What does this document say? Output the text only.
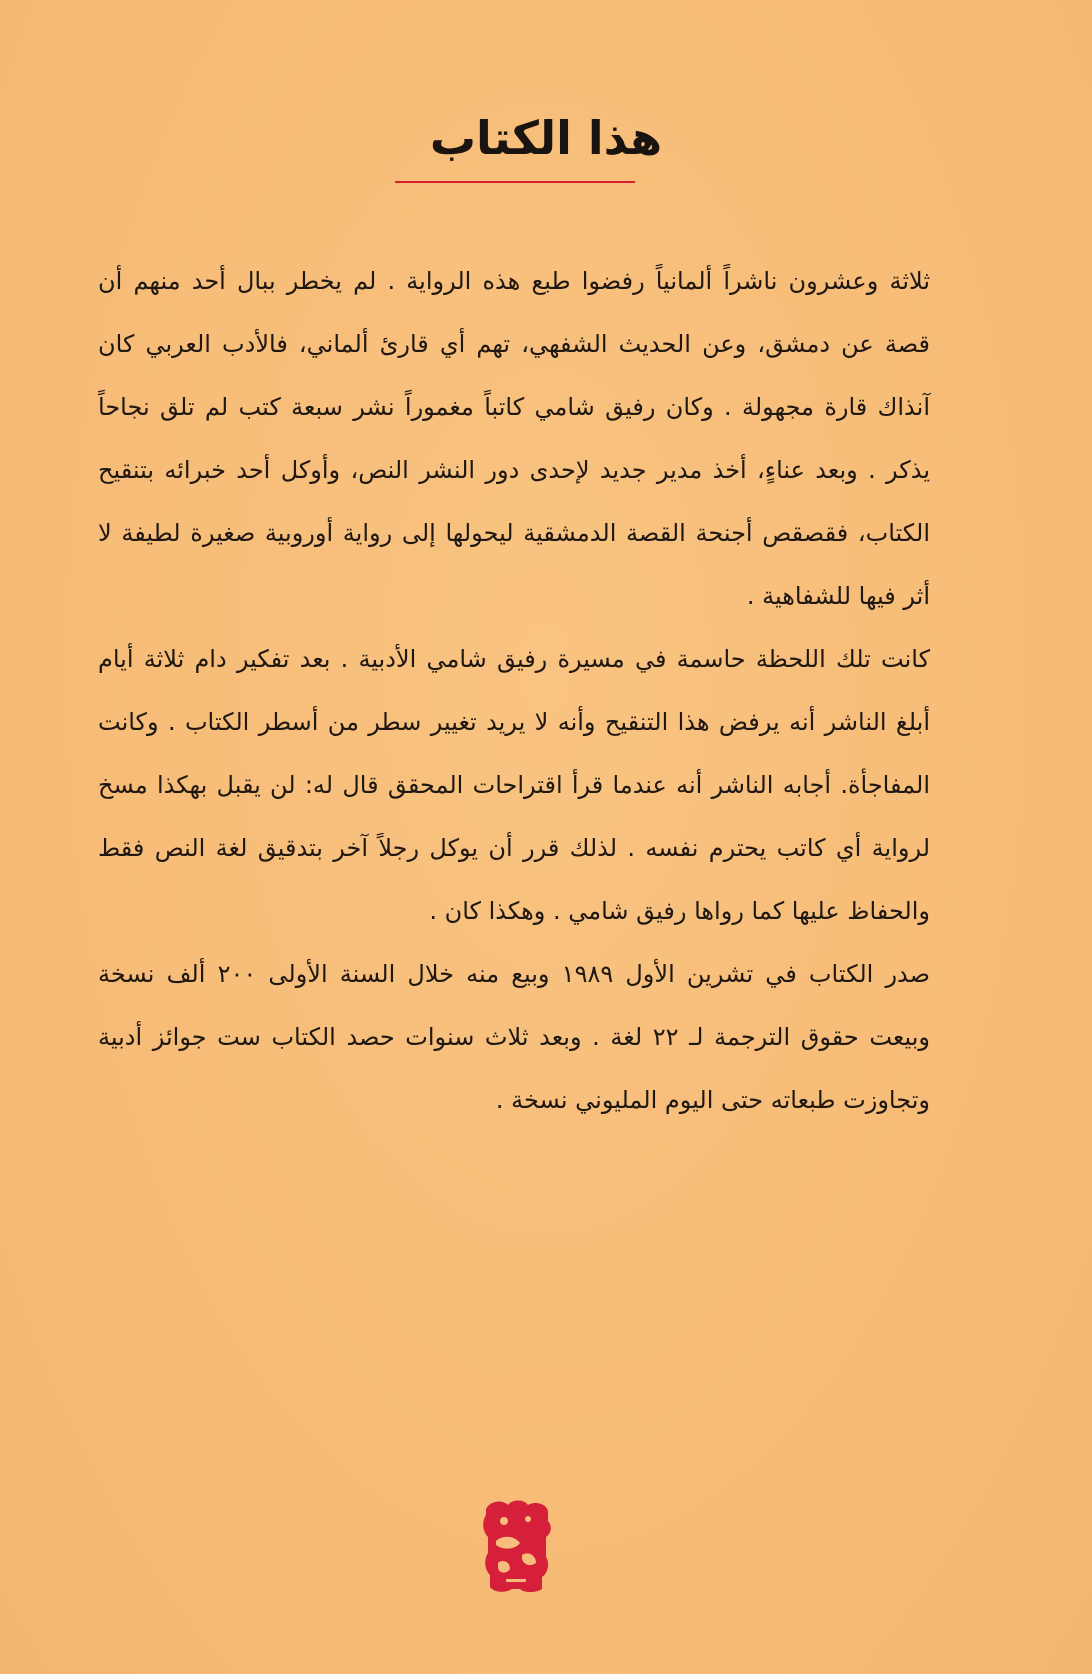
هذا الكتاب

ثلاثة وعشرون ناشراً ألمانياً رفضوا طبع هذه الرواية . لم يخطر ببال أحد منهم أن قصة عن دمشق، وعن الحديث الشفهي، تهم أي قارئ ألماني، فالأدب العربي كان آنذاك قارة مجهولة . وكان رفيق شامي كاتباً مغموراً نشر سبعة كتب لم تلق نجاحاً يذكر . وبعد عناءٍ، أخذ مدير جديد لإحدى دور النشر النص، وأوكل أحد خبرائه بتنقيح الكتاب، فقصقص أجنحة القصة الدمشقية ليحولها إلى رواية أوروبية صغيرة لطيفة لا أثر فيها للشفاهية .

كانت تلك اللحظة حاسمة في مسيرة رفيق شامي الأدبية . بعد تفكير دام ثلاثة أيام أبلغ الناشر أنه يرفض هذا التنقيح وأنه لا يريد تغيير سطر من أسطر الكتاب . وكانت المفاجأة. أجابه الناشر أنه عندما قرأ اقتراحات المحقق قال له: لن يقبل بهكذا مسخ لرواية أي كاتب يحترم نفسه . لذلك قرر أن يوكل رجلاً آخر بتدقيق لغة النص فقط والحفاظ عليها كما رواها رفيق شامي . وهكذا كان .

صدر الكتاب في تشرين الأول ١٩٨٩ وبيع منه خلال السنة الأولى ٢٠٠ ألف نسخة وبيعت حقوق الترجمة لـ ٢٢ لغة . وبعد ثلاث سنوات حصد الكتاب ست جوائز أدبية وتجاوزت طبعاته حتى اليوم المليوني نسخة .
